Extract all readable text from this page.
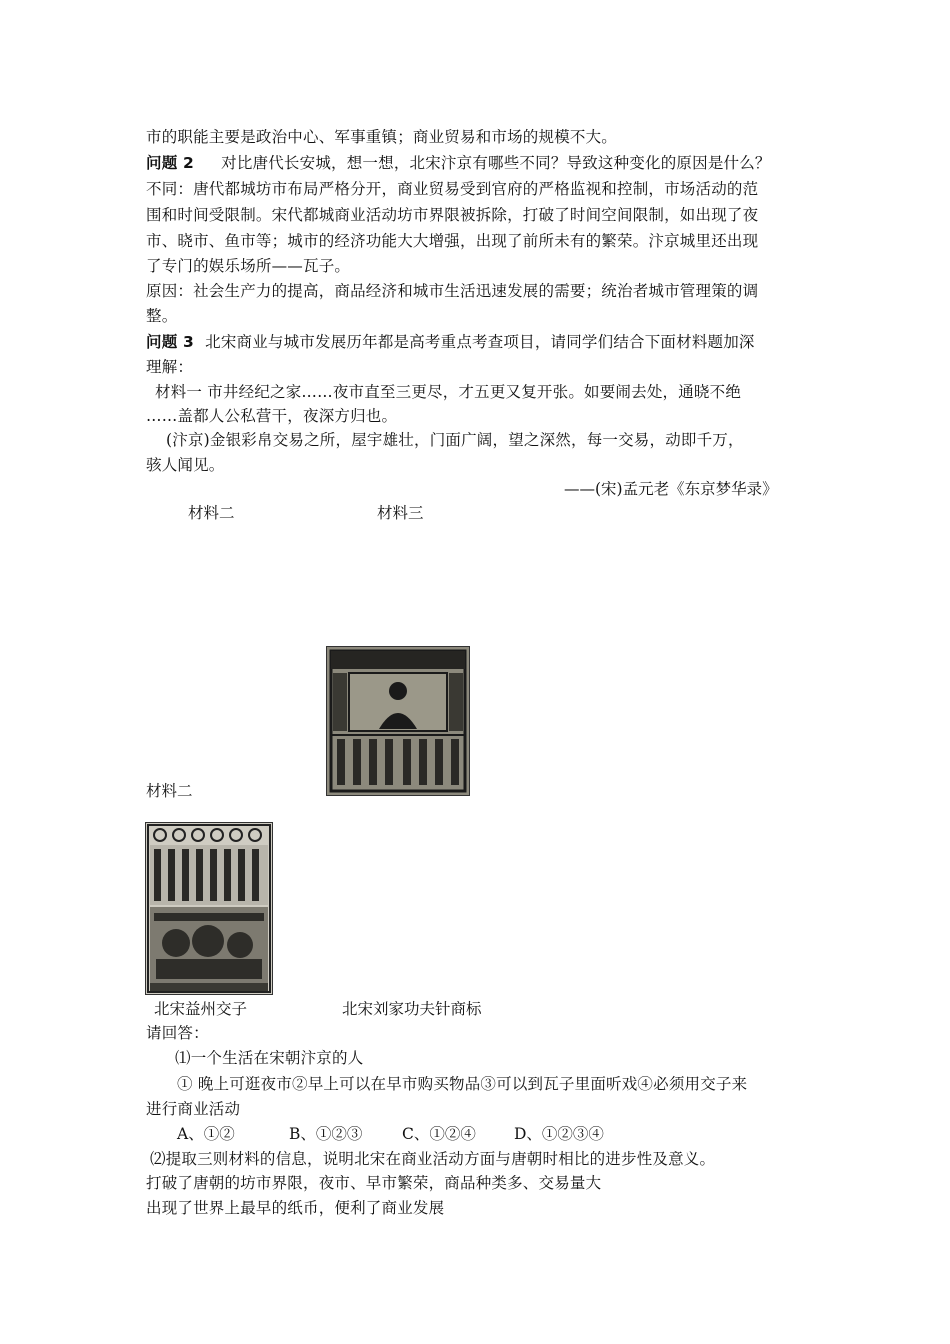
市的职能主要是政治中心、军事重镇；商业贸易和市场的规模不大。
问题 2 对比唐代长安城，想一想，北宋汴京有哪些不同？导致这种变化的原因是什么？
不同：唐代都城坊市布局严格分开，商业贸易受到官府的严格监视和控制，市场活动的范
围和时间受限制。宋代都城商业活动坊市界限被拆除，打破了时间空间限制，如出现了夜
市、晓市、鱼市等；城市的经济功能大大增强，出现了前所未有的繁荣。汴京城里还出现
了专门的娱乐场所——瓦子。
原因：社会生产力的提高，商品经济和城市生活迅速发展的需要；统治者城市管理策的调
整。
问题 3 北宋商业与城市发展历年都是高考重点考查项目，请同学们结合下面材料题加深
理解：
材料一 市井经纪之家……夜市直至三更尽，才五更又复开张。如要闹去处，通晓不绝
……盖都人公私营干，夜深方归也。
(汴京)金银彩帛交易之所，屋宇雄壮，门面广阔，望之深然，每一交易，动即千万，
骇人闻见。
——(宋)孟元老《东京梦华录》
材料二	材料三
材料二
北宋益州交子	北宋刘家功夫针商标
请回答：
⑴一个生活在宋朝汴京的人
① 晚上可逛夜市②早上可以在早市购买物品③可以到瓦子里面听戏④必须用交子来
进行商业活动
A、①②	B、①②③	C、①②④ D、①②③④
⑵提取三则材料的信息，说明北宋在商业活动方面与唐朝时相比的进步性及意义。
打破了唐朝的坊市界限，夜市、早市繁荣，商品种类多、交易量大
出现了世界上最早的纸币，便利了商业发展
